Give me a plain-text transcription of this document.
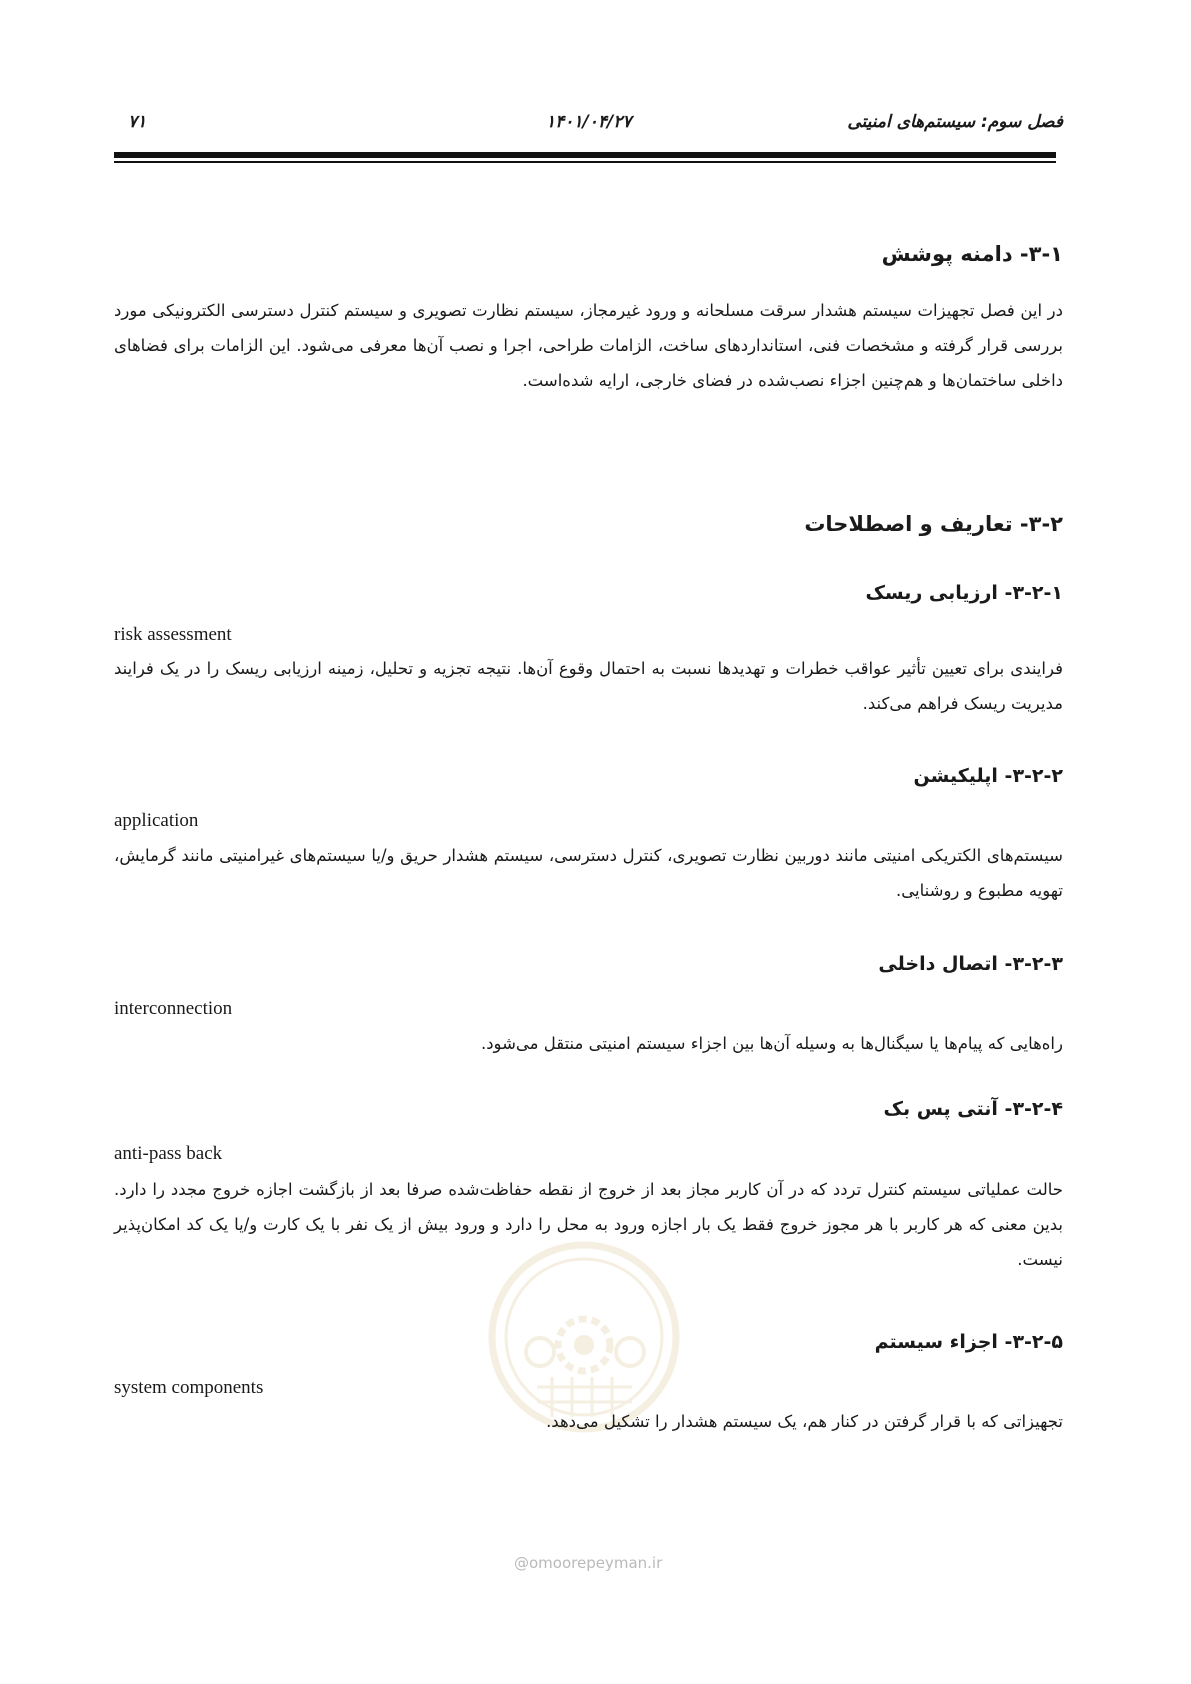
فصل سوم: سیستم‌های امنیتی
۱۴۰۱/۰۴/۲۷
۷۱
۳-۱- دامنه پوشش
در این فصل تجهیزات سیستم هشدار سرقت مسلحانه و ورود غیرمجاز، سیستم نظارت تصویری و سیستم کنترل دسترسی الکترونیکی مورد بررسی قرار گرفته و مشخصات فنی، استانداردهای ساخت، الزامات طراحی، اجرا و نصب آن‌ها معرفی می‌شود. این الزامات برای فضاهای داخلی ساختمان‌ها و هم‌چنین اجزاء نصب‌شده در فضای خارجی، ارایه شده‌است.
۳-۲- تعاریف و اصطلاحات
۳-۲-۱- ارزیابی ریسک
risk assessment
فرایندی برای تعیین تأثیر عواقب خطرات و تهدیدها نسبت به احتمال وقوع آن‌ها. نتیجه تجزیه و تحلیل، زمینه ارزیابی ریسک را در یک فرایند مدیریت ریسک فراهم می‌کند.
۳-۲-۲- اپلیکیشن
application
سیستم‌های الکتریکی امنیتی مانند دوربین نظارت تصویری، کنترل دسترسی، سیستم هشدار حریق و/یا سیستم‌های غیرامنیتی مانند گرمایش، تهویه مطبوع و روشنایی.
۳-۲-۳- اتصال داخلی
interconnection
راه‌هایی که پیام‌ها یا سیگنال‌ها به وسیله آن‌ها بین اجزاء سیستم امنیتی منتقل می‌شود.
۳-۲-۴- آنتی پس بک
anti-pass back
حالت عملیاتی سیستم کنترل تردد که در آن کاربر مجاز بعد از خروج از نقطه حفاظت‌شده صرفا بعد از بازگشت اجازه خروج مجدد را دارد. بدین معنی که هر کاربر با هر مجوز خروج فقط یک بار اجازه ورود به محل را دارد و ورود بیش از یک نفر با یک کارت و/یا یک کد امکان‌پذیر نیست.
۳-۲-۵- اجزاء سیستم
system components
تجهیزاتی که با قرار گرفتن در کنار هم، یک سیستم هشدار را تشکیل می‌دهد.
@omoorepeyman.ir
